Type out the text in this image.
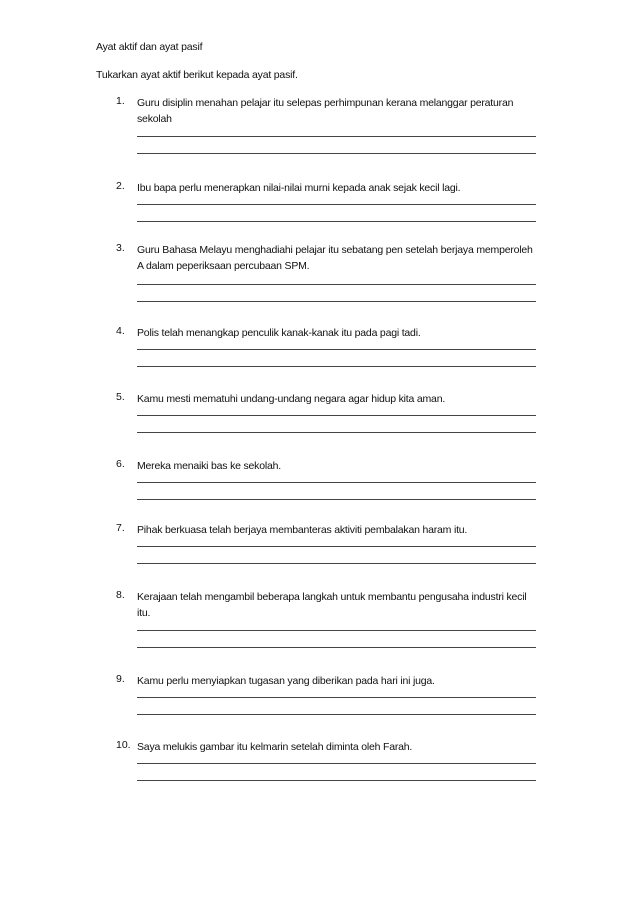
Ayat aktif dan ayat pasif
Tukarkan ayat aktif berikut kepada ayat pasif.
1. Guru disiplin menahan pelajar itu selepas perhimpunan kerana melanggar peraturan sekolah
2. Ibu bapa perlu menerapkan nilai-nilai murni kepada anak sejak kecil lagi.
3. Guru Bahasa Melayu menghadiahi pelajar itu sebatang pen setelah berjaya memperoleh A dalam peperiksaan percubaan SPM.
4. Polis telah menangkap penculik kanak-kanak itu pada pagi tadi.
5. Kamu mesti mematuhi undang-undang negara agar hidup kita aman.
6. Mereka menaiki bas ke sekolah.
7. Pihak berkuasa telah berjaya membanteras aktiviti pembalakan haram itu.
8. Kerajaan telah mengambil beberapa langkah untuk membantu pengusaha industri kecil itu.
9. Kamu perlu menyiapkan tugasan yang diberikan pada hari ini juga.
10. Saya melukis gambar itu kelmarin setelah diminta oleh Farah.
